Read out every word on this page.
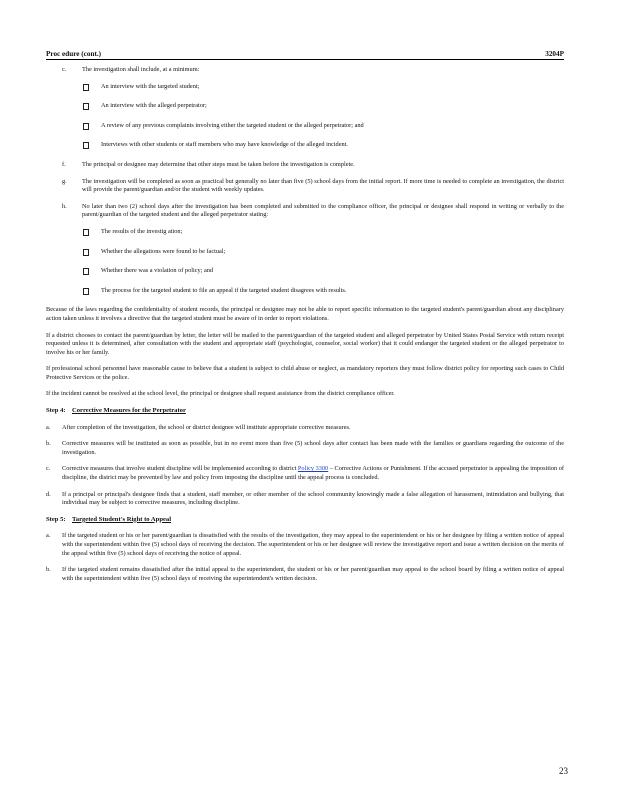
Proc edure (cont.)	3204P
c.	The investigation shall include, at a minimum:
An interview with the targeted student;
An interview with the alleged perpetrator;
A review of any previous complaints involving either the targeted student or the alleged perpetrator; and
Interviews with other students or staff members who may have knowledge of the alleged incident.
f.	The principal or designee may determine that other steps must be taken before the investigation is complete.
g.	The investigation will be completed as soon as practical but generally no later than five (5) school days from the initial report. If more time is needed to complete an investigation, the district will provide the parent/guardian and/or the student with weekly updates.
h.	No later than two (2) school days after the investigation has been completed and submitted to the compliance officer, the principal or designee shall respond in writing or verbally to the parent/guardian of the targeted student and the alleged perpetrator stating:
The results of the investig ation;
Whether the allegations were found to be factual;
Whether there was a violation of policy; and
The process for the targeted student to file an appeal if the targeted student disagrees with results.

Because of the laws regarding the confidentiality of student records, the principal or designee may not be able to report specific information to the targeted student's parent/guardian about any disciplinary action taken unless it involves a directive that the targeted student must be aware of in order to report violations.

If a district chooses to contact the parent/guardian by letter, the letter will be mailed to the parent/guardian of the targeted student and alleged perpetrator by United States Postal Service with return receipt requested unless it is determined, after consultation with the student and appropriate staff (psychologist, counselor, social worker) that it could endanger the targeted student or the alleged perpetrator to involve his or her family.

If professional school personnel have reasonable cause to believe that a student is subject to child abuse or neglect, as mandatory reporters they must follow district policy for reporting such cases to Child Protective Services or the police.

If the incident cannot be resolved at the school level, the principal or designee shall request assistance from the district compliance officer.

Step 4: Corrective Measures for the Perpetrator
a.	After completion of the investigation, the school or district designee will institute appropriate corrective measures.
b.	Corrective measures will be instituted as soon as possible, but in no event more than five (5) school days after contact has been made with the families or guardians regarding the outcome of the investigation.
c.	Corrective measures that involve student discipline will be implemented according to district Policy 3300 – Corrective Actions or Punishment. If the accused perpetrator is appealing the imposition of discipline, the district may be prevented by law and policy from imposing the discipline until the appeal process is concluded.
d.	If a principal or principal's designee finds that a student, staff member, or other member of the school community knowingly made a false allegation of harassment, intimidation and bullying, that individual may be subject to corrective measures, including discipline.
Step 5: Targeted Student's Right to Appeal
a.	If the targeted student or his or her parent/guardian is dissatisfied with the results of the investigation, they may appeal to the superintendent or his or her designee by filing a written notice of appeal with the superintendent within five (5) school days of receiving the decision. The superintendent or his or her designee will review the investigative report and issue a written decision on the merits of the appeal within five (5) school days of receiving the notice of appeal.
b.	If the targeted student remains dissatisfied after the initial appeal to the superintendent, the student or his or her parent/guardian may appeal to the school board by filing a written notice of appeal with the superintendent within five (5) school days of receiving the superintendent's written decision.
23
